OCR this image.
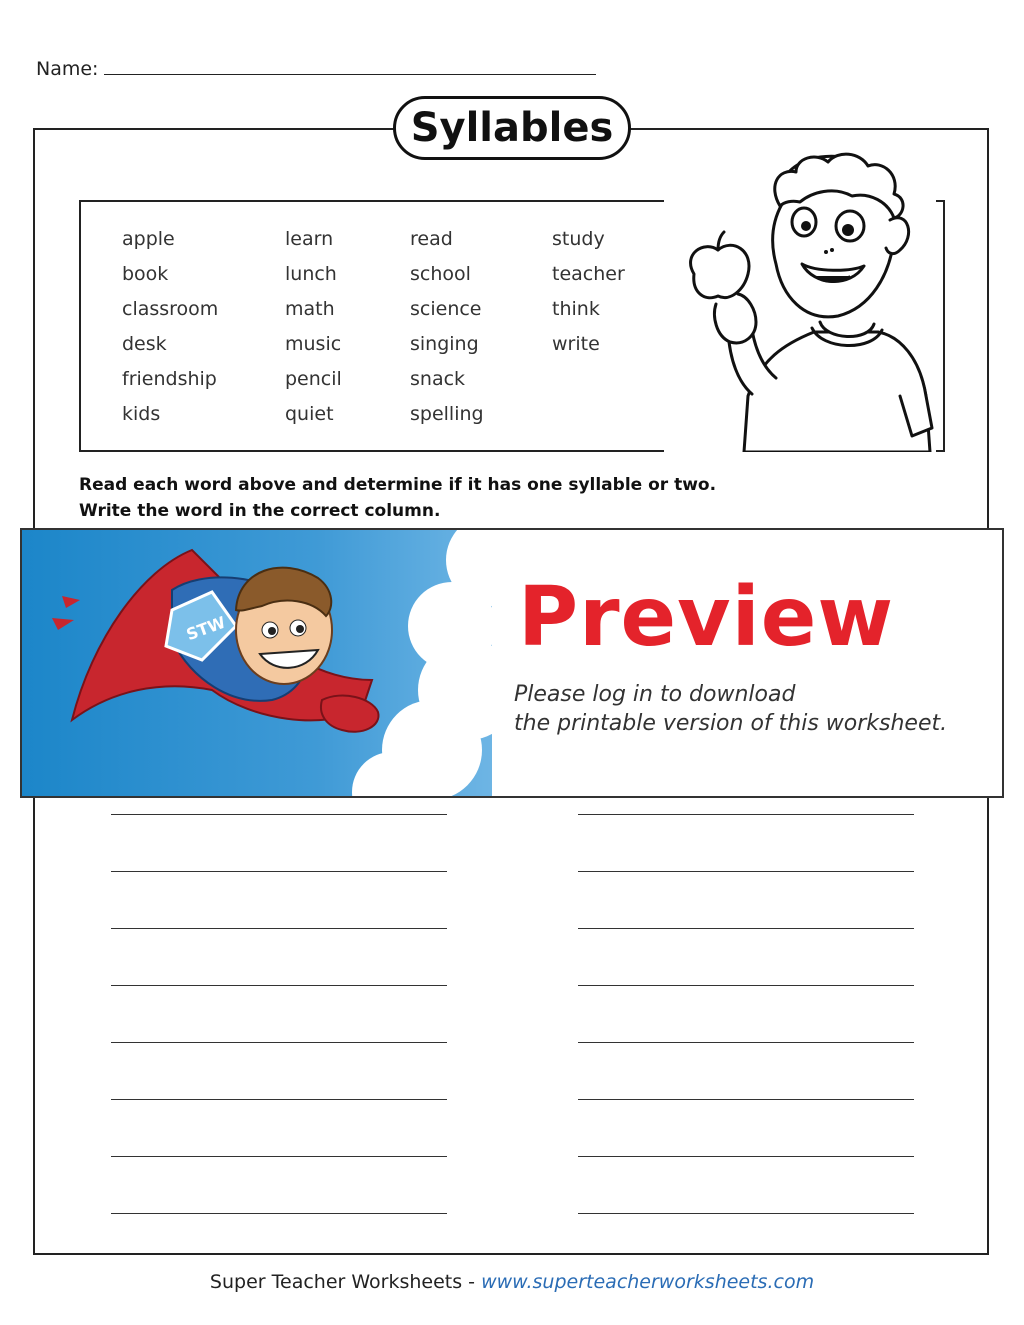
Name:
Syllables
apple
book
classroom
desk
friendship
kids
learn
lunch
math
music
pencil
quiet
read
school
science
singing
snack
spelling
study
teacher
think
write
Read each word above and determine if it has one syllable or two.
Write the word in the correct column.
STW	Preview
Please log in to download
the printable version of this worksheet.
Super Teacher Worksheets - www.superteacherworksheets.com
